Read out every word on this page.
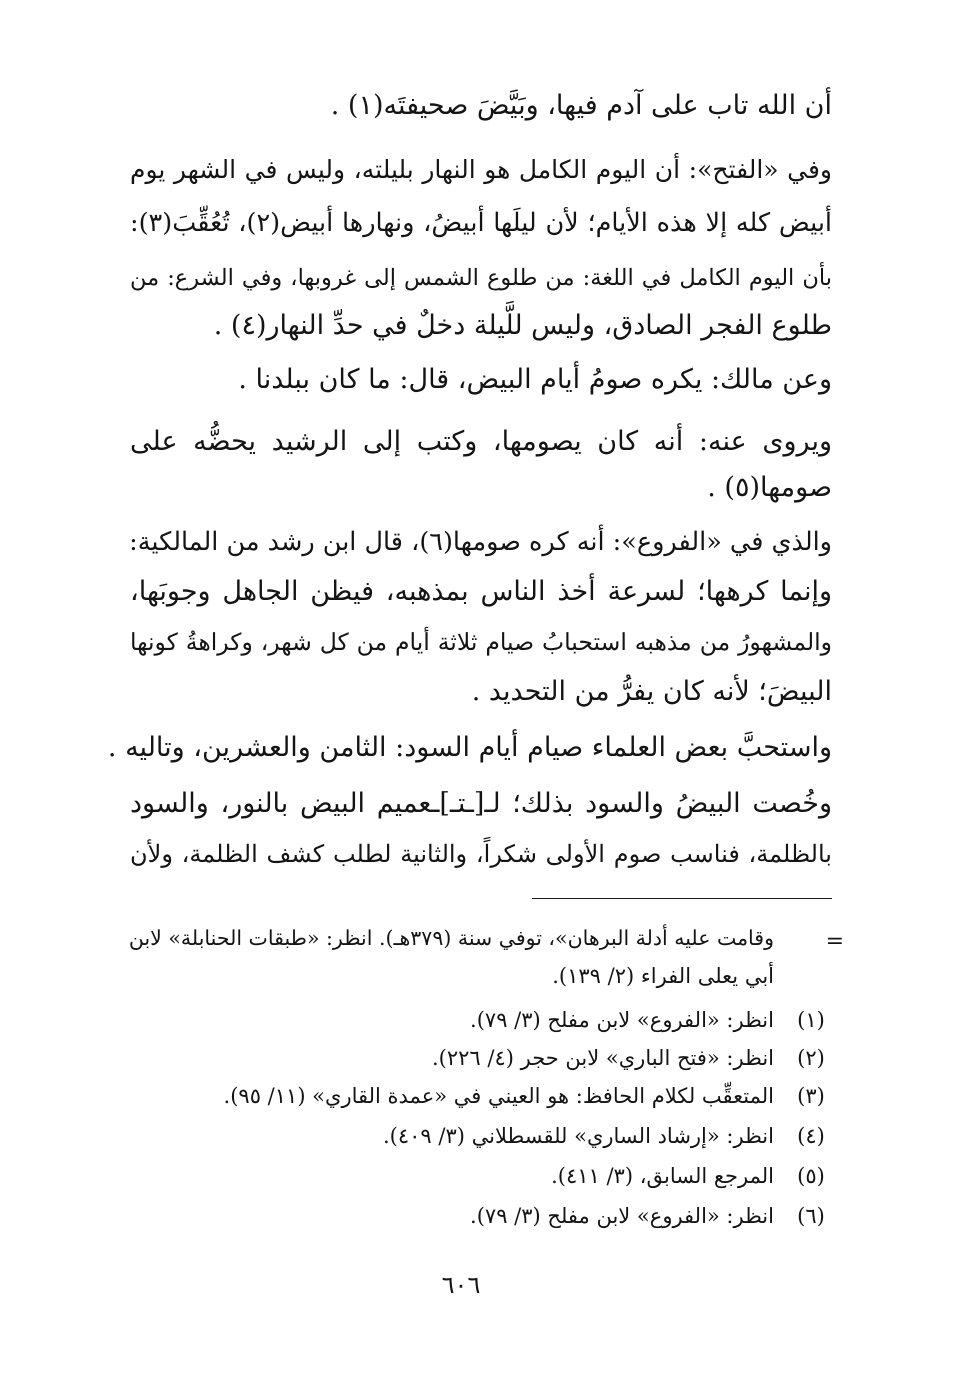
أن الله تاب على آدم فيها، وبَيَّضَ صحيفتَه(١) .
وفي «الفتح»: أن اليوم الكامل هو النهار بليلته، وليس في الشهر يوم
أبيض كله إلا هذه الأيام؛ لأن ليلَها أبيضُ، ونهارها أبيض(٢)، تُعُقِّبَ(٣):
بأن اليوم الكامل في اللغة: من طلوع الشمس إلى غروبها، وفي الشرع: من
طلوع الفجر الصادق، وليس للَّيلة دخلٌ في حدِّ النهار(٤) .
وعن مالك: يكره صومُ أيام البيض، قال: ما كان ببلدنا .
ويروى عنه: أنه كان يصومها، وكتب إلى الرشيد يحضُّه على
صومها(٥) .
والذي في «الفروع»: أنه كره صومها(٦)، قال ابن رشد من المالكية:
وإنما كرهها؛ لسرعة أخذ الناس بمذهبه، فيظن الجاهل وجوبَها،
والمشهورُ من مذهبه استحبابُ صيام ثلاثة أيام من كل شهر، وكراهةُ كونها
البيضَ؛ لأنه كان يفرُّ من التحديد .
واستحبَّ بعض العلماء صيام أيام السود: الثامن والعشرين، وتاليه .
وخُصت البيضُ والسود بذلك؛ لـ[ـتـ]ـعميم البيض بالنور، والسود
بالظلمة، فناسب صوم الأولى شكراً، والثانية لطلب كشف الظلمة، ولأن
=
وقامت عليه أدلة البرهان»، توفي سنة (٣٧٩هـ). انظر: «طبقات الحنابلة» لابن
أبي يعلى الفراء (٢/ ١٣٩).
(١)
انظر: «الفروع» لابن مفلح (٣/ ٧٩).
(٢)
انظر: «فتح الباري» لابن حجر (٤/ ٢٢٦).
(٣)
المتعقِّب لكلام الحافظ: هو العيني في «عمدة القاري» (١١/ ٩٥).
(٤)
انظر: «إرشاد الساري» للقسطلاني (٣/ ٤٠٩).
(٥)
المرجع السابق، (٣/ ٤١١).
(٦)
انظر: «الفروع» لابن مفلح (٣/ ٧٩).
٦٠٦
